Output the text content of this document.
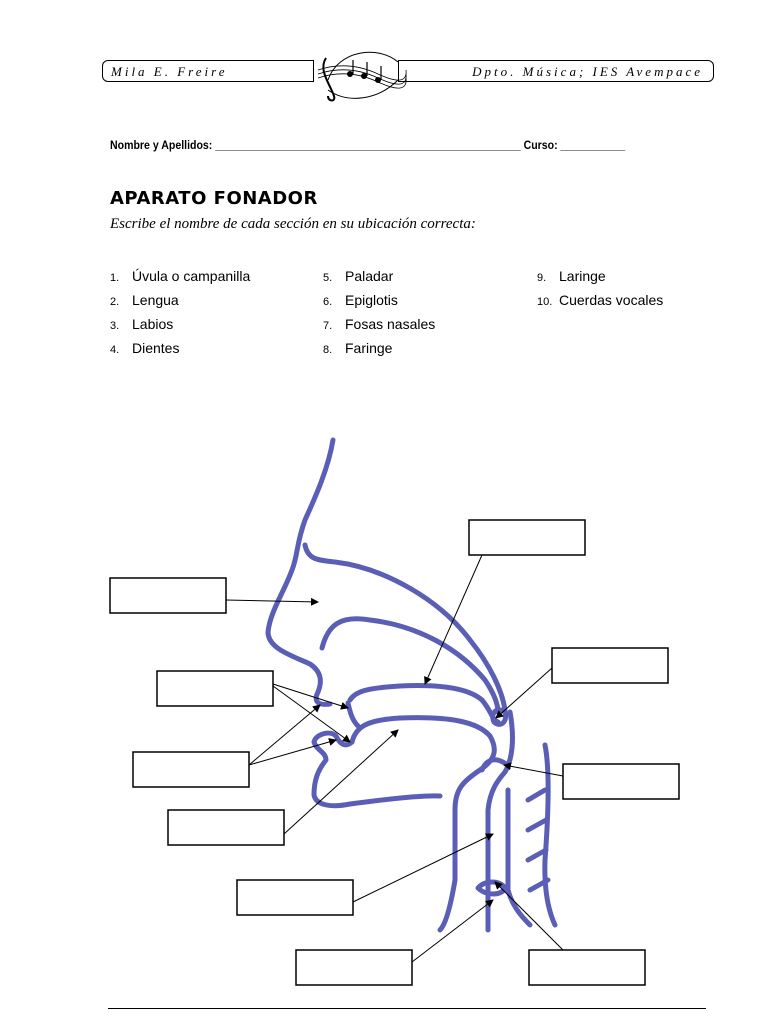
Mila E. Freire	Dpto. Música; IES Avempace
Nombre y Apellidos: ____________________________________________________ Curso: ___________
APARATO FONADOR
Escribe el nombre de cada sección en su ubicación correcta:
1. Úvula o campanilla
2. Lengua
3. Labios
4. Dientes
5. Paladar
6. Epiglotis
7. Fosas nasales
8. Faringe
9. Laringe
10. Cuerdas vocales
